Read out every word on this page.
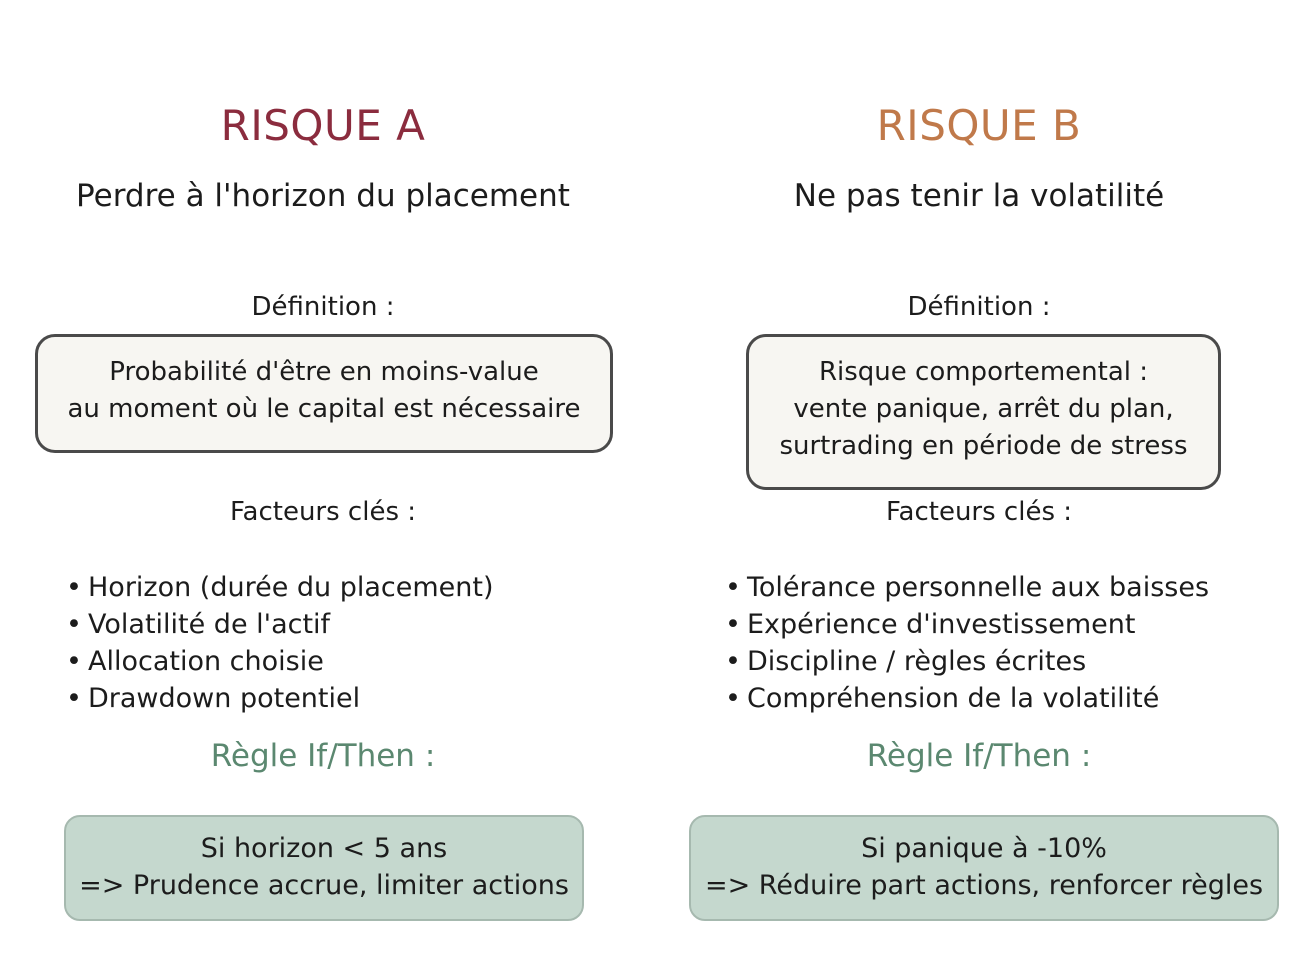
RISQUE A
Perdre à l'horizon du placement
Définition :
Probabilité d'être en moins-value
au moment où le capital est nécessaire
Facteurs clés :
• Horizon (durée du placement)
• Volatilité de l'actif
• Allocation choisie
• Drawdown potentiel
Règle If/Then :
Si horizon < 5 ans
=> Prudence accrue, limiter actions
RISQUE B
Ne pas tenir la volatilité
Définition :
Risque comportemental :
vente panique, arrêt du plan,
surtrading en période de stress
Facteurs clés :
• Tolérance personnelle aux baisses
• Expérience d'investissement
• Discipline / règles écrites
• Compréhension de la volatilité
Règle If/Then :
Si panique à -10%
=> Réduire part actions, renforcer règles
